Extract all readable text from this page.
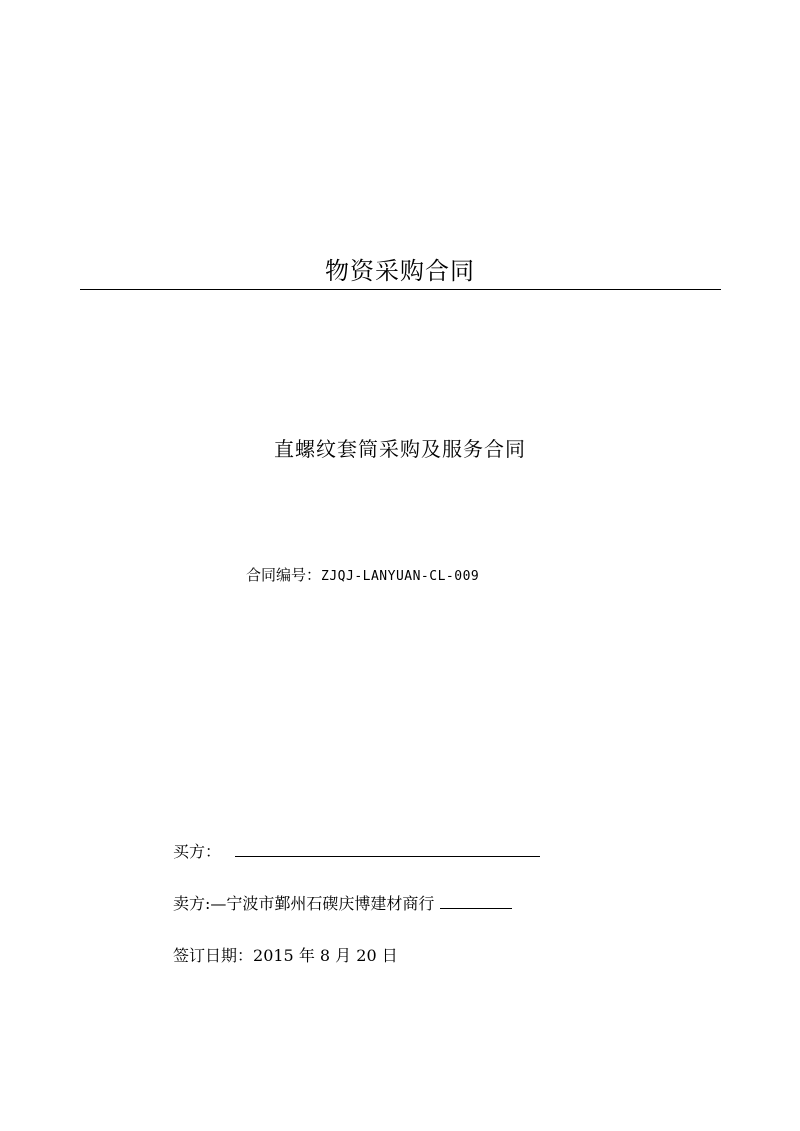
物资采购合同
直螺纹套筒采购及服务合同
合同编号：ZJQJ-LANYUAN-CL-009
买方：
卖方:—宁波市鄞州石碶庆博建材商行
签订日期：2015 年 8 月 20 日
